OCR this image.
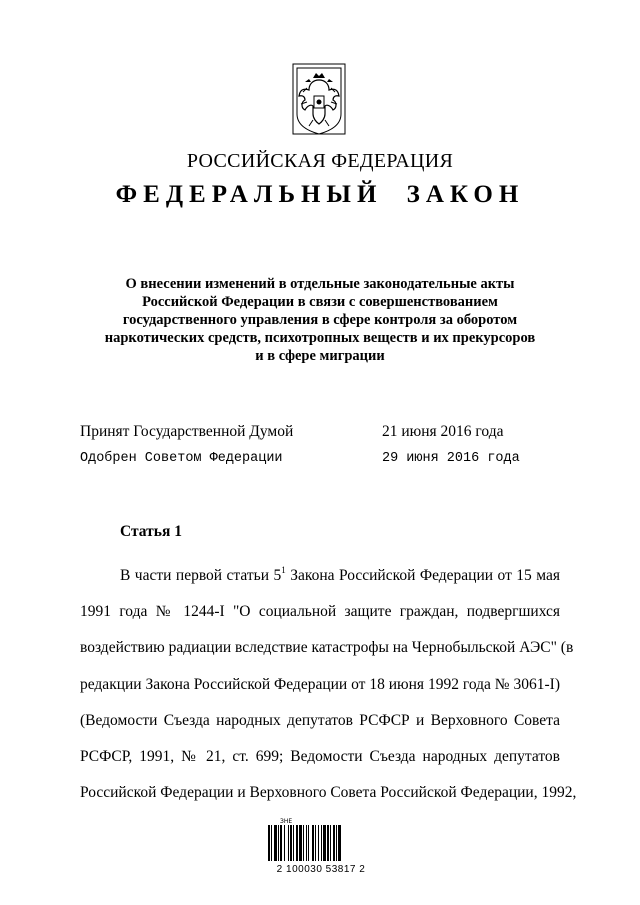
РОССИЙСКАЯ ФЕДЕРАЦИЯ
ФЕДЕРАЛЬНЫЙ ЗАКОН
О внесении изменений в отдельные законодательные акты
Российской Федерации в связи с совершенствованием
государственного управления в сфере контроля за оборотом
наркотических средств, психотропных веществ и их прекурсоров
и в сфере миграции
Принят Государственной Думой	21 июня 2016 года
Одобрен Советом Федерации	29 июня 2016 года
Статья 1
В части первой статьи $5^1$ Закона Российской Федерации от 15 мая
1991 года № 1244-I "О социальной защите граждан, подвергшихся
воздействию радиации вследствие катастрофы на Чернобыльской АЭС" (в
редакции Закона Российской Федерации от 18 июня 1992 года № 3061-I)
(Ведомости Съезда народных депутатов РСФСР и Верховного Совета
РСФСР, 1991, № 21, ст. 699; Ведомости Съезда народных депутатов
Российской Федерации и Верховного Совета Российской Федерации, 1992,
ЗНЕ
2 100030 53817 2
